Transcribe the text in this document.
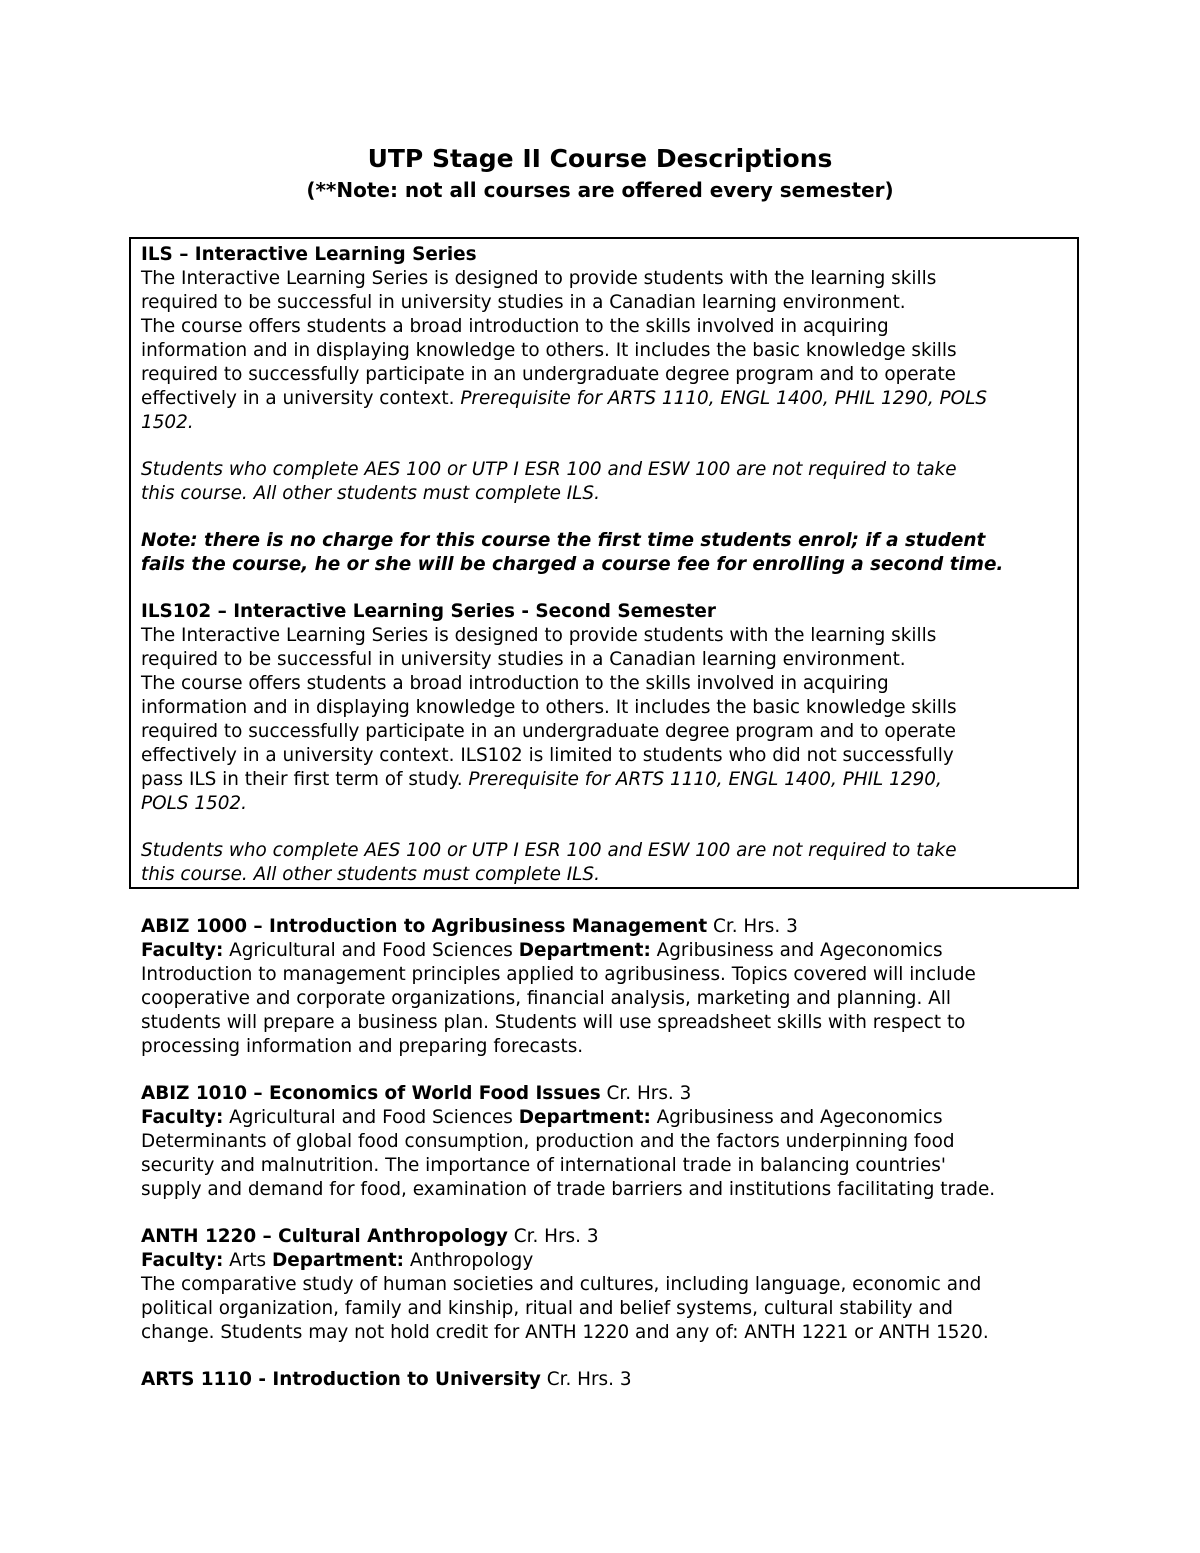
UTP Stage II Course Descriptions
(**Note: not all courses are offered every semester)

ILS – Interactive Learning Series

The Interactive Learning Series is designed to provide students with the learning skills

required to be successful in university studies in a Canadian learning environment.

The course offers students a broad introduction to the skills involved in acquiring

information and in displaying knowledge to others. It includes the basic knowledge skills

required to successfully participate in an undergraduate degree program and to operate

effectively in a university context. Prerequisite for ARTS 1110, ENGL 1400, PHIL 1290, POLS

1502.

Students who complete AES 100 or UTP I ESR 100 and ESW 100 are not required to take

this course. All other students must complete ILS.

Note: there is no charge for this course the first time students enrol; if a student

fails the course, he or she will be charged a course fee for enrolling a second time.

ILS102 – Interactive Learning Series - Second Semester

The Interactive Learning Series is designed to provide students with the learning skills

required to be successful in university studies in a Canadian learning environment.

The course offers students a broad introduction to the skills involved in acquiring

information and in displaying knowledge to others. It includes the basic knowledge skills

required to successfully participate in an undergraduate degree program and to operate

effectively in a university context. ILS102 is limited to students who did not successfully

pass ILS in their first term of study. Prerequisite for ARTS 1110, ENGL 1400, PHIL 1290,

POLS 1502.

Students who complete AES 100 or UTP I ESR 100 and ESW 100 are not required to take

this course. All other students must complete ILS.

ABIZ 1000 – Introduction to Agribusiness Management Cr. Hrs. 3

Faculty: Agricultural and Food Sciences Department: Agribusiness and Ageconomics

Introduction to management principles applied to agribusiness. Topics covered will include

cooperative and corporate organizations, financial analysis, marketing and planning. All

students will prepare a business plan. Students will use spreadsheet skills with respect to

processing information and preparing forecasts.

ABIZ 1010 – Economics of World Food Issues Cr. Hrs. 3

Faculty: Agricultural and Food Sciences Department: Agribusiness and Ageconomics

Determinants of global food consumption, production and the factors underpinning food

security and malnutrition. The importance of international trade in balancing countries'

supply and demand for food, examination of trade barriers and institutions facilitating trade.

ANTH 1220 – Cultural Anthropology Cr. Hrs. 3

Faculty: Arts Department: Anthropology

The comparative study of human societies and cultures, including language, economic and

political organization, family and kinship, ritual and belief systems, cultural stability and

change. Students may not hold credit for ANTH 1220 and any of: ANTH 1221 or ANTH 1520.

ARTS 1110 - Introduction to University Cr. Hrs. 3
